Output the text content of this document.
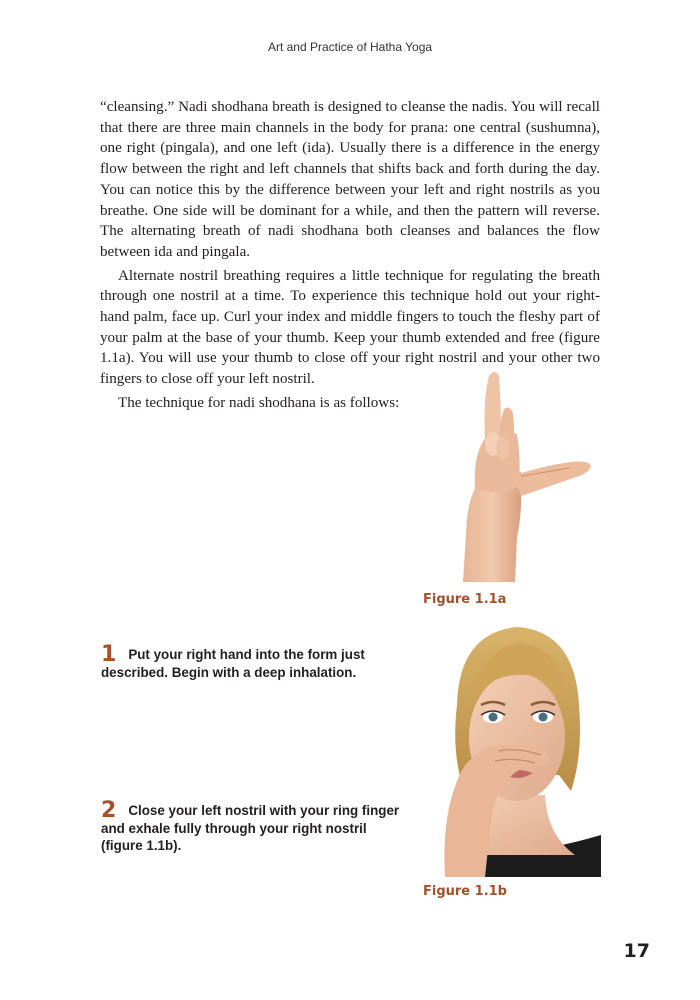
Art and Practice of Hatha Yoga

“cleansing.” Nadi shodhana breath is designed to cleanse the nadis. You will recall that there are three main channels in the body for prana: one central (sushumna), one right (pingala), and one left (ida). Usually there is a difference in the energy flow between the right and left channels that shifts back and forth during the day. You can notice this by the difference between your left and right nostrils as you breathe. One side will be dominant for a while, and then the pattern will reverse. The alternating breath of nadi shodhana both cleanses and balances the flow between ida and pingala.

Alternate nostril breathing requires a little technique for regulating the breath through one nostril at a time. To experience this technique hold out your right-hand palm, face up. Curl your index and middle fingers to touch the fleshy part of your palm at the base of your thumb. Keep your thumb extended and free (figure 1.1a). You will use your thumb to close off your right nostril and your other two fingers to close off your left nostril.

The technique for nadi shodhana is as follows:

Figure 1.1a
Figure 1.1b
1 Put your right hand into the form just described. Begin with a deep inhalation.
2 Close your left nostril with your ring finger and exhale fully through your right nostril (figure 1.1b).
17
